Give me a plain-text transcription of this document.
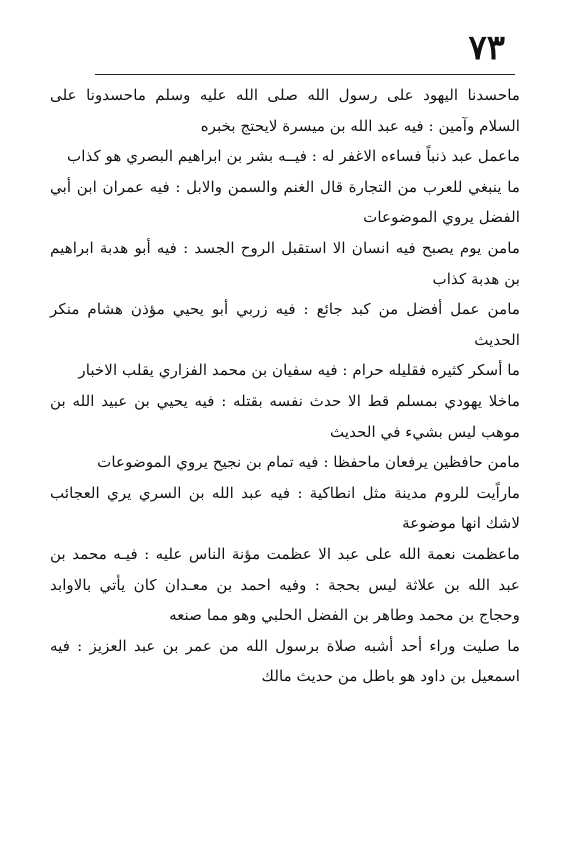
٧٣

ماحسدنا اليهود على رسول الله صلى الله عليه وسلم ماحسدونا على السلام وآمين : فيه عبد الله بن ميسرة لايحتج بخبره

ماعمل عبد ذنباً فساءه الاغفر له : فيــه بشر بن ابراهيم البصري هو كذاب

ما ينبغي للعرب من التجارة قال الغنم والسمن والابل : فيه عمران ابن أبي الفضل يروي الموضوعات

مامن يوم يصبح فيه انسان الا استقبل الروح الجسد : فيه أبو هدبة ابراهيم بن هدبة كذاب

مامن عمل أفضل من كبد جائع : فيه زربي أبو يحيي مؤذن هشام منكر الحديث

ما أسكر كثيره فقليله حرام : فيه سفيان بن محمد الفزاري يقلب الاخبار

ماخلا يهودي بمسلم قط الا حدث نفسه بقتله : فيه يحيي بن عبيد الله بن موهب ليس بشيء في الحديث

مامن حافظين يرفعان ماحفظا : فيه تمام بن نجيح يروي الموضوعات

ماراًيت للروم مدينة مثل انطاكية : فيه عبد الله بن السري يري العجائب لاشك انها موضوعة

ماعظمت نعمة الله على عبد الا عظمت مؤنة الناس عليه : فيـه محمد بن عبد الله بن علاثة ليس بحجة : وفيه احمد بن معـدان كان يأتي بالاوابد وحجاج بن محمد وطاهر بن الفضل الحلبي وهو مما صنعه

ما صليت وراء أحد أشبه صلاة برسول الله من عمر بن عبد العزيز : فيه اسمعيل بن داود هو باطل من حديث مالك
